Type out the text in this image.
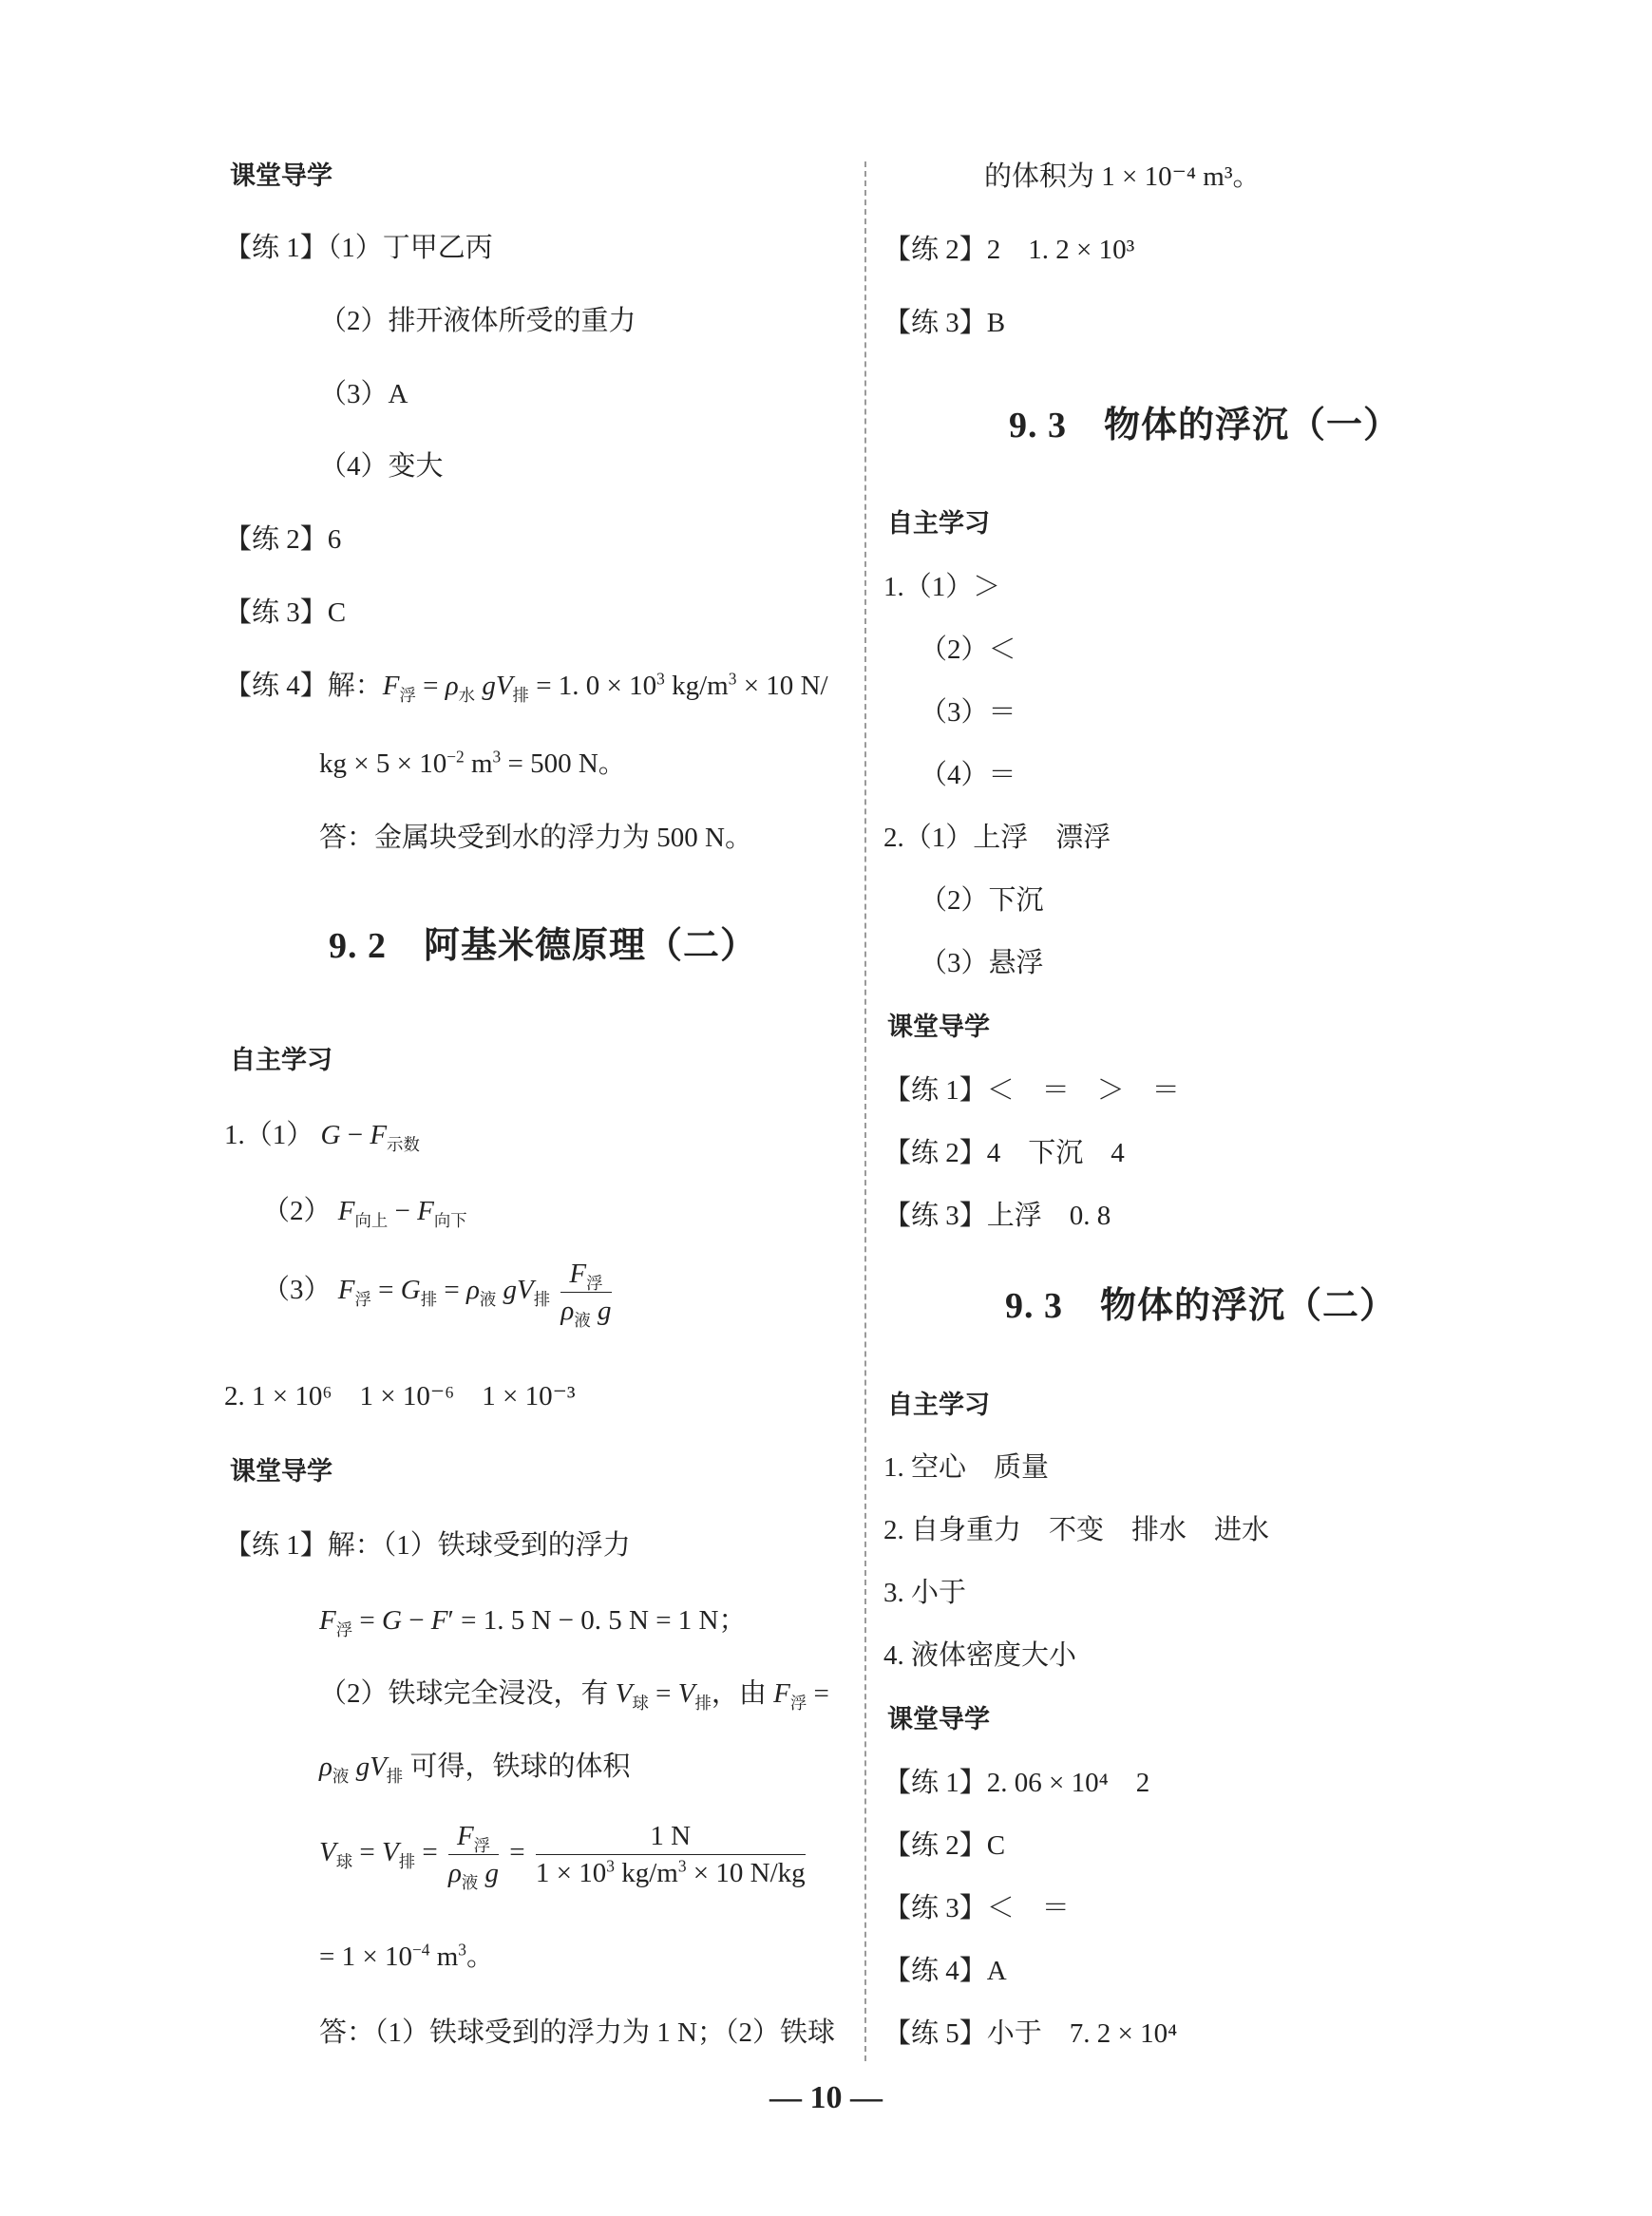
课堂导学
【练 1】（1）丁甲乙丙
（2）排开液体所受的重力
（3）A
（4）变大
【练 2】6
【练 3】C
【练 4】解：$F_浮 = \rho_水$ $gV_排 = 1$. $0 \times 10^3$ $kg/m^3 \times 10$ N/
kg × $5 \times 10^{-2}$ $m^3 = 500$ N。
答：金属块受到水的浮力为 500 N。
9. 2　阿基米德原理（二）
自主学习
1.（1） $G - F_{示数}$
（2） $F_{向上} - F_{向下}$
（3） $F_浮 = G_排 = \rho_液$ $gV_排 \frac{F_浮}{\rho_液 g}$
2. 1 × 10⁶　1 × 10⁻⁶　1 × 10⁻³
课堂导学
【练 1】解：（1）铁球受到的浮力
$F_浮 = G - F' = 1$. 5 N − 0. 5 N = 1 N；
（2）铁球完全浸没，有 $V_球 = V_排$，由 $F_浮$ =
$\rho_液$ $gV_排$ 可得，铁球的体积
$V_球 = V_排 = \frac{F_浮}{\rho_液 g} = \frac{1 N}{1 \times 10^3 kg/m^3 \times 10 N/kg}$
= $1 \times 10^{-4}$ $m^3$。
答：（1）铁球受到的浮力为 1 N；（2）铁球
的体积为 1 × 10⁻⁴ m³。
【练 2】2　1. 2 × 10³
【练 3】B
9. 3　物体的浮沉（一）
自主学习
1.（1）＞
（2）＜
（3）＝
（4）＝
2.（1）上浮　漂浮
（2）下沉
（3）悬浮
课堂导学
【练 1】＜　＝　＞　＝
【练 2】4　下沉　4
【练 3】上浮　0. 8
9. 3　物体的浮沉（二）
自主学习
1. 空心　质量
2. 自身重力　不变　排水　进水
3. 小于
4. 液体密度大小
课堂导学
【练 1】2. 06 × 10⁴　2
【练 2】C
【练 3】＜　＝
【练 4】A
【练 5】小于　7. 2 × 10⁴
— 10 —
